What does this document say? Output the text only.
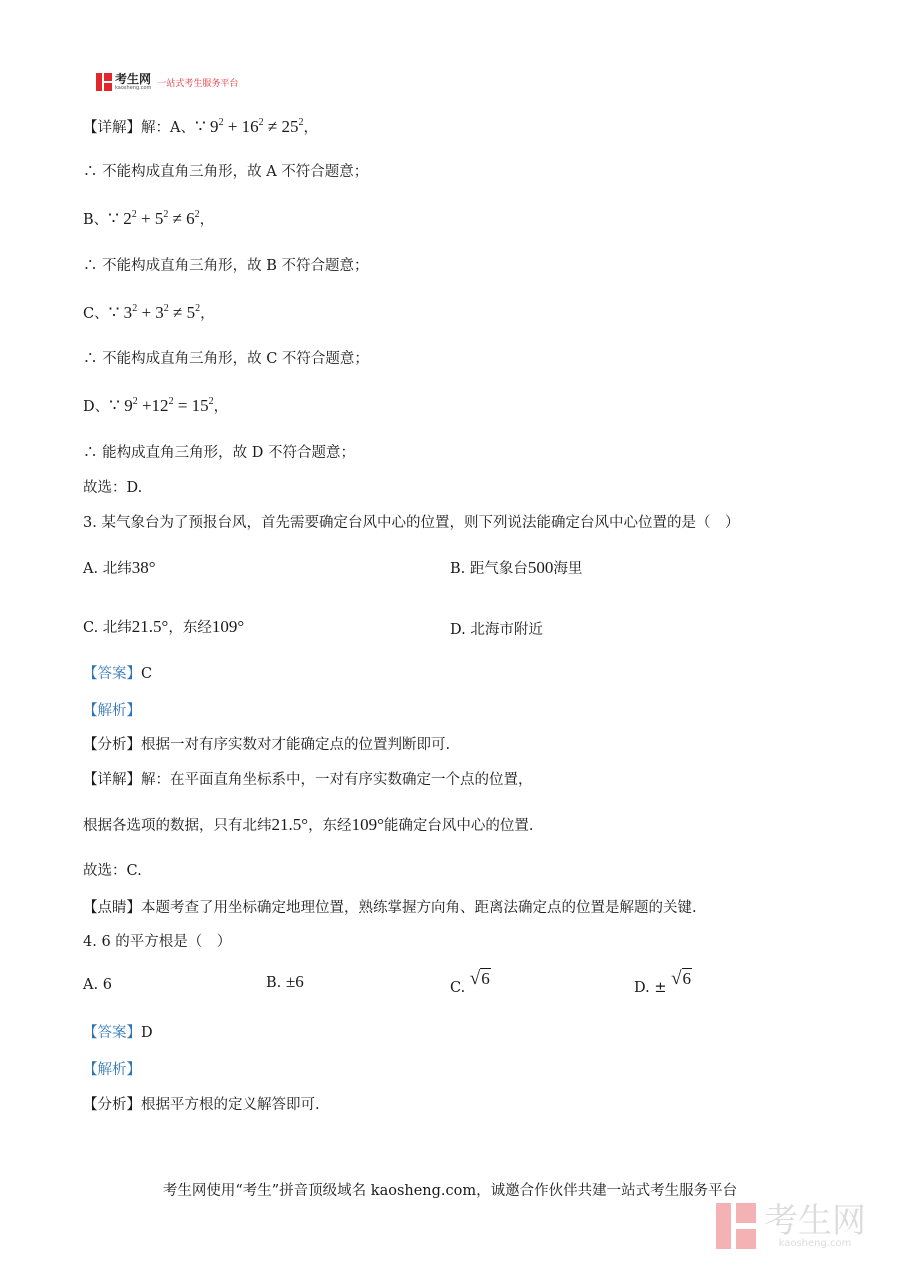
考生网
kaosheng.com 一站式考生服务平台
【详解】解：A、∵ $9^2 + 16^2 \ne 25^2$，
∴ 不能构成直角三角形，故 A 不符合题意；
B、∵ $2^2 + 5^2 \ne 6^2$，
∴ 不能构成直角三角形，故 B 不符合题意；
C、∵ $3^2 + 3^2 \ne 5^2$，
∴ 不能构成直角三角形，故 C 不符合题意；
D、∵ $9^2 +12^2 = 15^2$，
∴ 能构成直角三角形，故 D 不符合题意；
故选：D.
3. 某气象台为了预报台风，首先需要确定台风中心的位置，则下列说法能确定台风中心位置的是（　）
A. 北纬38°	B. 距气象台500海里
C. 北纬21.5°，东经109°	D. 北海市附近
【答案】C
【解析】
【分析】根据一对有序实数对才能确定点的位置判断即可.
【详解】解：在平面直角坐标系中，一对有序实数确定一个点的位置，
根据各选项的数据，只有北纬21.5°，东经109°能确定台风中心的位置.
故选：C.
【点睛】本题考查了用坐标确定地理位置，熟练掌握方向角、距离法确定点的位置是解题的关键.
4. 6 的平方根是（　）
A. 6	B. ±6	C. √6	D. ± √6
【答案】D
【解析】
【分析】根据平方根的定义解答即可.
考生网使用“考生”拼音顶级域名 kaosheng.com，诚邀合作伙伴共建一站式考生服务平台
考生网
kaosheng.com
